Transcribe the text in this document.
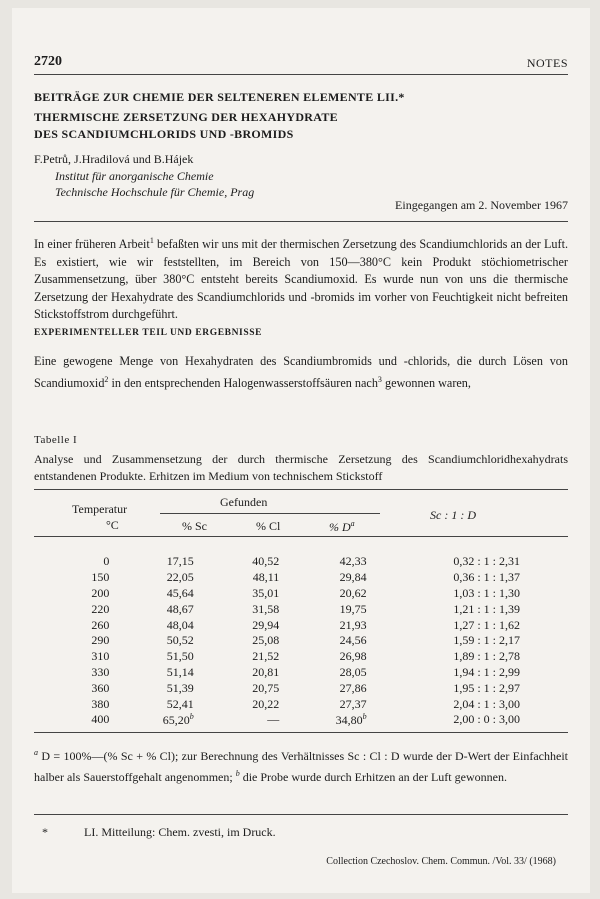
2720	NOTES
BEITRÄGE ZUR CHEMIE DER SELTENEREN ELEMENTE LII.*
THERMISCHE ZERSETZUNG DER HEXAHYDRATE
DES SCANDIUMCHLORIDS UND -BROMIDS
F.Petrů, J.Hradilová und B.Hájek
Institut für anorganische Chemie
Technische Hochschule für Chemie, Prag
Eingegangen am 2. November 1967

In einer früheren Arbeit$^1$ befaßten wir uns mit der thermischen Zersetzung des Scandiumchlorids an der Luft. Es existiert, wie wir feststellten, im Bereich von 150—380°C kein Produkt stöchiometrischer Zusammensetzung, über 380°C entsteht bereits Scandiumoxid. Es wurde nun von uns die thermische Zersetzung der Hexahydrate des Scandiumchlorids und -bromids im vorher von Feuchtigkeit nicht befreiten Stickstoffstrom durchgeführt.

EXPERIMENTELLER TEIL UND ERGEBNISSE

Eine gewogene Menge von Hexahydraten des Scandiumbromids und -chlorids, die durch Lösen von Scandiumoxid$^2$ in den entsprechenden Halogenwasserstoffsäuren nach$^3$ gewonnen waren,

Tabelle I

Analyse und Zusammensetzung der durch thermische Zersetzung des Scandiumchloridhexahydrats entstandenen Produkte. Erhitzen im Medium von technischem Stickstoff

Temperatur
°C
Gefunden
% Sc	% Cl	% $D^a$
Sc : 1 : D
0	17,15	40,52	42,33	0,32 : 1 : 2,31
150	22,05	48,11	29,84	0,36 : 1 : 1,37
200	45,64	35,01	20,62	1,03 : 1 : 1,30
220	48,67	31,58	19,75	1,21 : 1 : 1,39
260	48,04	29,94	21,93	1,27 : 1 : 1,62
290	50,52	25,08	24,56	1,59 : 1 : 2,17
310	51,50	21,52	26,98	1,89 : 1 : 2,78
330	51,14	20,81	28,05	1,94 : 1 : 2,99
360	51,39	20,75	27,86	1,95 : 1 : 2,97
380	52,41	20,22	27,37	2,04 : 1 : 3,00
400	65,20$^b$	—	34,80$^b$	2,00 : 0 : 3,00

$^a$ D = 100%—(% Sc + % Cl); zur Berechnung des Verhältnisses Sc : Cl : D wurde der D-Wert der Einfachheit halber als Sauerstoffgehalt angenommen; $^b$ die Probe wurde durch Erhitzen an der Luft gewonnen.

*	LI. Mitteilung: Chem. zvesti, im Druck.
Collection Czechoslov. Chem. Commun. /Vol. 33/ (1968)
